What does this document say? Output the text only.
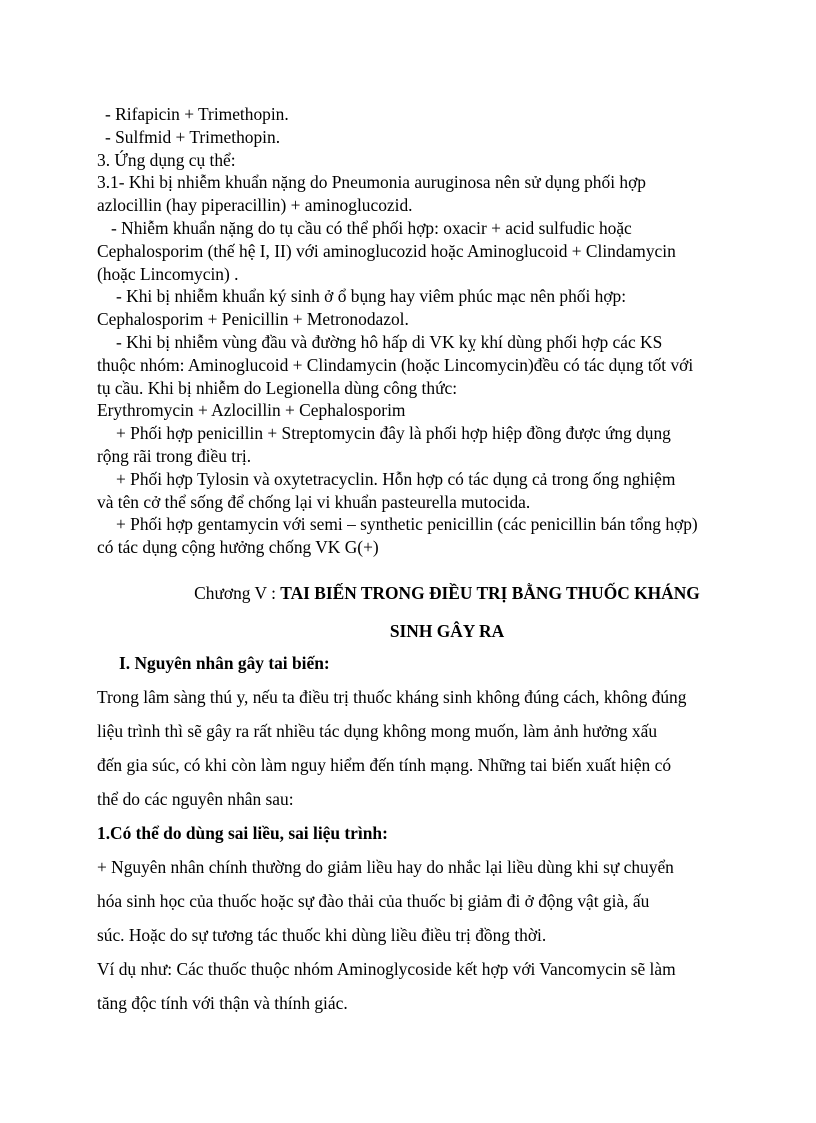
- Rifapicin + Trimethopin.

- Sulfmid + Trimethopin.

3. Ứng dụng cụ thể:

3.1- Khi bị nhiễm khuẩn nặng do Pneumonia auruginosa nên sử dụng phối hợp

azlocillin (hay piperacillin) + aminoglucozid.

- Nhiễm khuẩn nặng do tụ cầu có thể phối hợp: oxacir + acid sulfudic hoặc

Cephalosporim (thế hệ I, II) với aminoglucozid hoặc Aminoglucoid + Clindamycin

(hoặc Lincomycin) .

- Khi bị nhiễm khuẩn ký sinh ở ổ bụng hay viêm phúc mạc nên phối hợp:

Cephalosporim + Penicillin + Metronodazol.

- Khi bị nhiễm vùng đầu và đường hô hấp di VK kỵ khí dùng phối hợp các KS

thuộc nhóm: Aminoglucoid + Clindamycin (hoặc Lincomycin)đều có tác dụng tốt với

tụ cầu. Khi bị nhiễm do Legionella dùng công thức:

Erythromycin + Azlocillin + Cephalosporim

+ Phối hợp penicillin + Streptomycin đây là phối hợp hiệp đồng được ứng dụng

rộng rãi trong điều trị.

+ Phối hợp Tylosin và oxytetracyclin. Hỗn hợp có tác dụng cả trong ống nghiệm

và tên cở thể sống để chống lại vi khuẩn pasteurella mutocida.

+ Phối hợp gentamycin với semi – synthetic penicillin (các penicillin bán tổng hợp)

có tác dụng cộng hưởng chống VK G(+)

Chương V : TAI BIẾN TRONG ĐIỀU TRỊ BẰNG THUỐC KHÁNG
SINH GÂY RA

I. Nguyên nhân gây tai biến:

Trong lâm sàng thú y, nếu ta điều trị thuốc kháng sinh không đúng cách, không đúng

liệu trình thì sẽ gây ra rất nhiều tác dụng không mong muốn, làm ảnh hưởng xấu

đến gia súc, có khi còn làm nguy hiểm đến tính mạng. Những tai biến xuất hiện có

thể do các nguyên nhân sau:

1.Có thể do dùng sai liều, sai liệu trình:

+ Nguyên nhân chính thường do giảm liều hay do nhắc lại liều dùng khi sự chuyển

hóa sinh học của thuốc hoặc sự đào thải của thuốc bị giảm đi ở động vật già, ấu

súc. Hoặc do sự tương tác thuốc khi dùng liều điều trị đồng thời.

Ví dụ như: Các thuốc thuộc nhóm Aminoglycoside kết hợp với Vancomycin sẽ làm

tăng độc tính với thận và thính giác.
